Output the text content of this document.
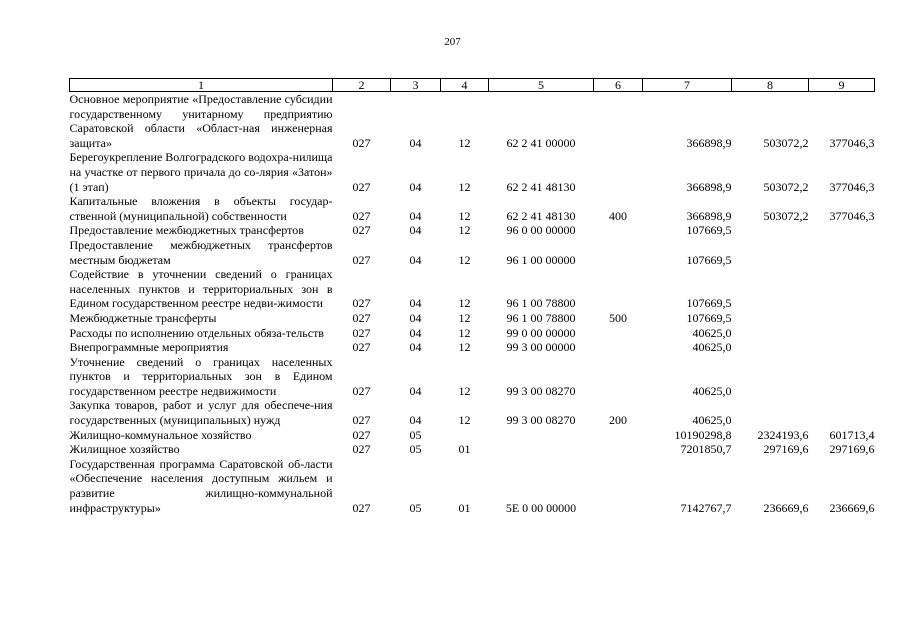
207
1	2	3	4	5	6	7	8	9
Основное мероприятие «Предоставление субсидии государственному унитарному предприятию Саратовской области «Област-ная инженерная защита»	027	04	12	62 2 41 00000		366898,9	503072,2	377046,3
Берегоукрепление Волгоградского водохра-нилища на участке от первого причала до со-лярия «Затон» (1 этап)	027	04	12	62 2 41 48130		366898,9	503072,2	377046,3
Капитальные вложения в объекты государ-ственной (муниципальной) собственности	027	04	12	62 2 41 48130	400	366898,9	503072,2	377046,3
Предоставление межбюджетных трансфертов	027	04	12	96 0 00 00000		107669,5		
Предоставление межбюджетных трансфертов местным бюджетам	027	04	12	96 1 00 00000		107669,5		
Содействие в уточнении сведений о границах населенных пунктов и территориальных зон в Едином государственном реестре недви-жимости	027	04	12	96 1 00 78800		107669,5		
Межбюджетные трансферты	027	04	12	96 1 00 78800	500	107669,5		
Расходы по исполнению отдельных обяза-тельств	027	04	12	99 0 00 00000		40625,0		
Внепрограммные мероприятия	027	04	12	99 3 00 00000		40625,0		
Уточнение сведений о границах населенных пунктов и территориальных зон в Едином государственном реестре недвижимости	027	04	12	99 3 00 08270		40625,0		
Закупка товаров, работ и услуг для обеспече-ния государственных (муниципальных) нужд	027	04	12	99 3 00 08270	200	40625,0		
Жилищно-коммунальное хозяйство	027	05				10190298,8	2324193,6	601713,4
Жилищное хозяйство	027	05	01			7201850,7	297169,6	297169,6
Государственная программа Саратовской об-ласти «Обеспечение населения доступным жильем и развитие жилищно-коммунальной инфраструктуры»	027	05	01	5Е 0 00 00000		7142767,7	236669,6	236669,6
